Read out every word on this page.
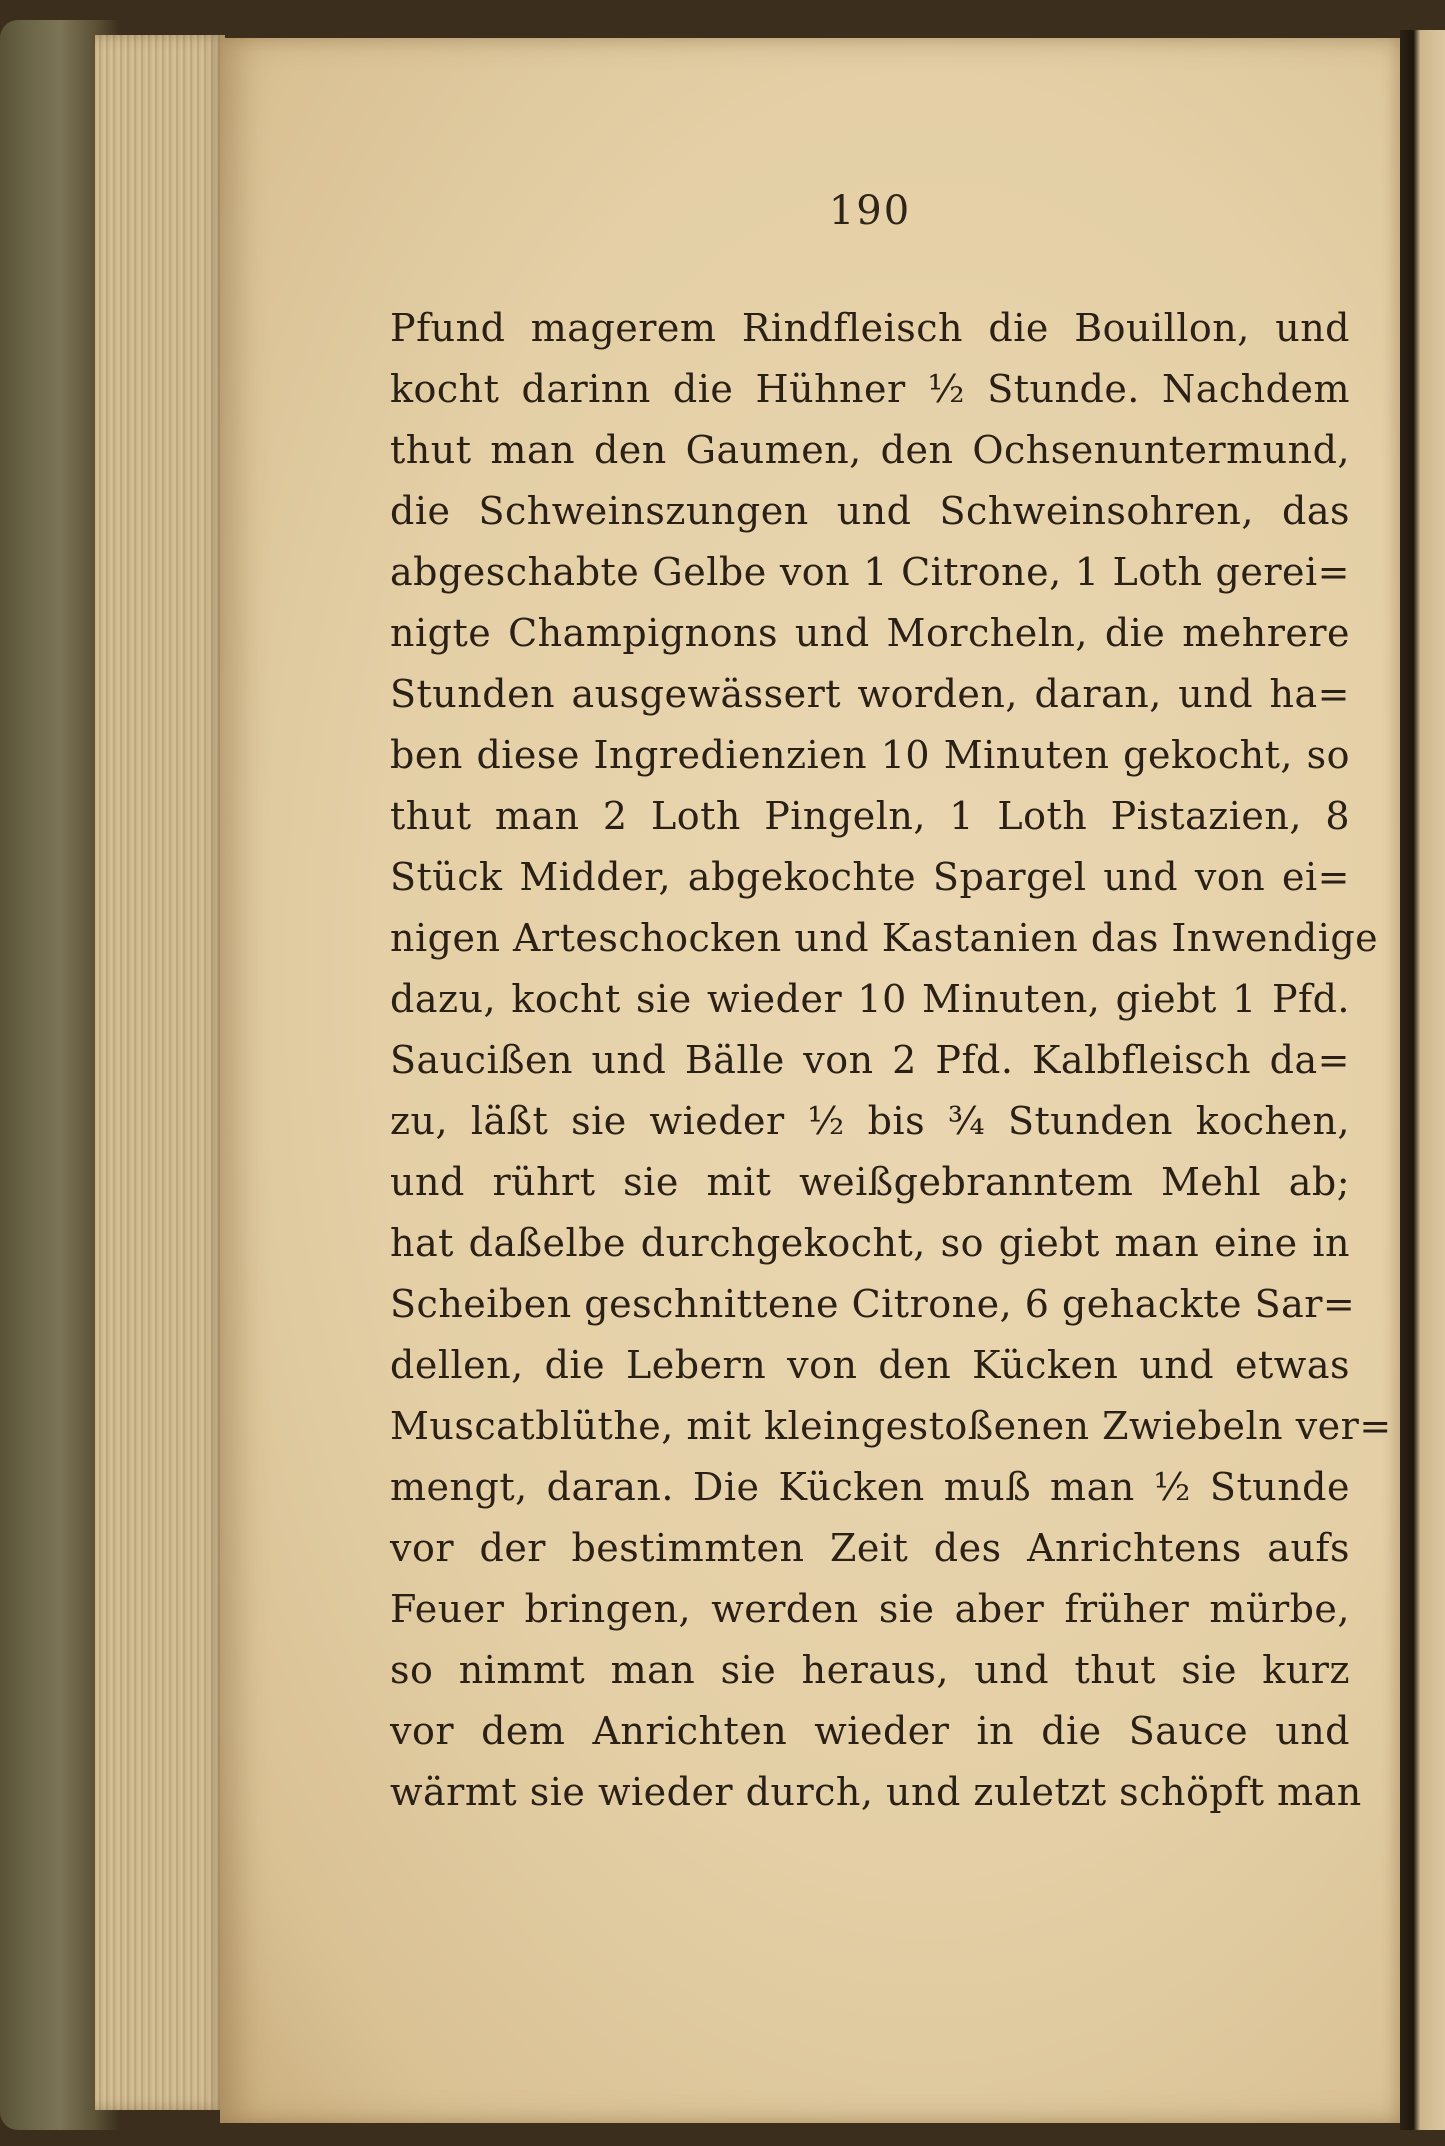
190
Pfund magerem Rindfleisch die Bouillon, und
kocht darinn die Hühner ½ Stunde. Nachdem
thut man den Gaumen, den Ochsenuntermund,
die Schweinszungen und Schweinsohren, das
abgeschabte Gelbe von 1 Citrone, 1 Loth gerei=
nigte Champignons und Morcheln, die mehrere
Stunden ausgewässert worden, daran, und ha=
ben diese Ingredienzien 10 Minuten gekocht, so
thut man 2 Loth Pingeln, 1 Loth Pistazien, 8
Stück Midder, abgekochte Spargel und von ei=
nigen Arteschocken und Kastanien das Inwendige
dazu, kocht sie wieder 10 Minuten, giebt 1 Pfd.
Saucißen und Bälle von 2 Pfd. Kalbfleisch da=
zu, läßt sie wieder ½ bis ¾ Stunden kochen,
und rührt sie mit weißgebranntem Mehl ab;
hat daßelbe durchgekocht, so giebt man eine in
Scheiben geschnittene Citrone, 6 gehackte Sar=
dellen, die Lebern von den Kücken und etwas
Muscatblüthe, mit kleingestoßenen Zwiebeln ver=
mengt, daran. Die Kücken muß man ½ Stunde
vor der bestimmten Zeit des Anrichtens aufs
Feuer bringen, werden sie aber früher mürbe,
so nimmt man sie heraus, und thut sie kurz
vor dem Anrichten wieder in die Sauce und
wärmt sie wieder durch, und zuletzt schöpft man
